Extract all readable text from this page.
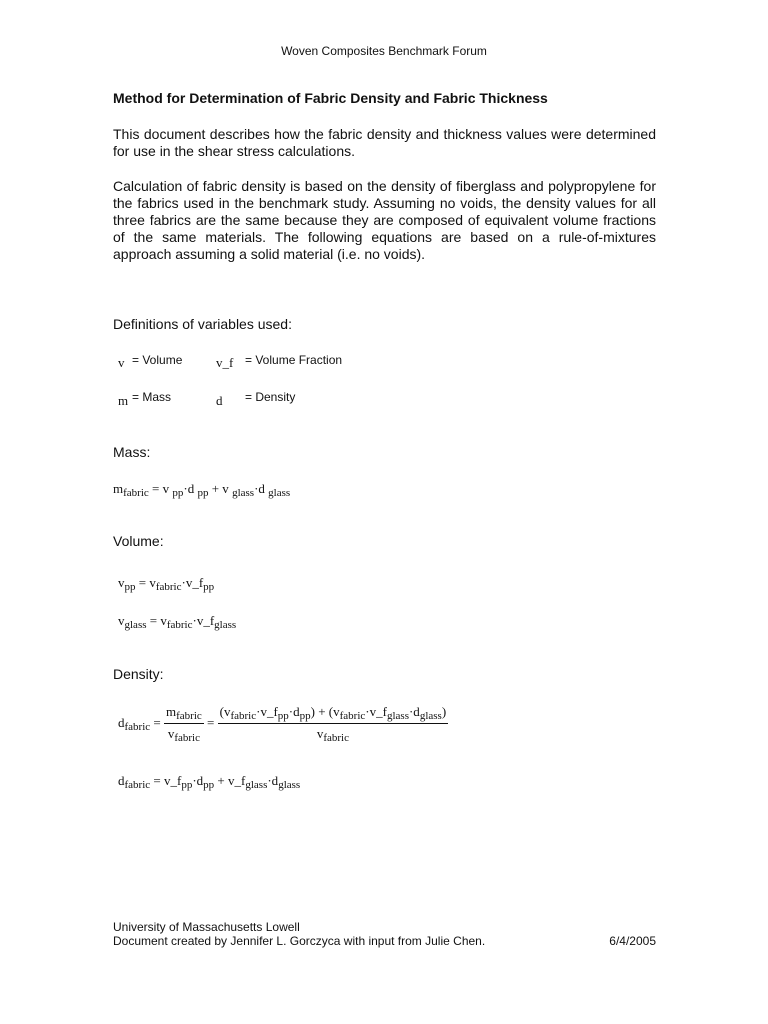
Woven Composites Benchmark Forum
Method for Determination of Fabric Density and Fabric Thickness
This document describes how the fabric density and thickness values were determined for use in the shear stress calculations.
Calculation of fabric density is based on the density of fiberglass and polypropylene for the fabrics used in the benchmark study. Assuming no voids, the density values for all three fabrics are the same because they are composed of equivalent volume fractions of the same materials. The following equations are based on a rule-of-mixtures approach assuming a solid material (i.e. no voids).
Definitions of variables used:
v = Volume	v_f = Volume Fraction
m = Mass	d = Density
Mass:
$m_{fabric} = v$ $_{pp}$·d $_{pp}$ + v $_{glass}$·d $_{glass}$
Volume:
$v_{pp}$ = $v_{fabric}\cdot v\_f_{pp}$
$v_{glass}$ = $v_{fabric}\cdot v\_f_{glass}$
Density:
$d_{fabric} = \frac{m_{fabric}}{v_{fabric}} = \frac{(v_{fabric}\cdot v\_f_{pp}\cdot d_{pp}) + (v_{fabric}\cdot v\_f_{glass}\cdot d_{glass})}{v_{fabric}}$
$d_{fabric}$ = $v\_f_{pp}\cdot d_{pp}$ + $v\_f_{glass}\cdot d_{glass}$
University of Massachusetts Lowell
Document created by Jennifer L. Gorczyca with input from Julie Chen.	6/4/2005
